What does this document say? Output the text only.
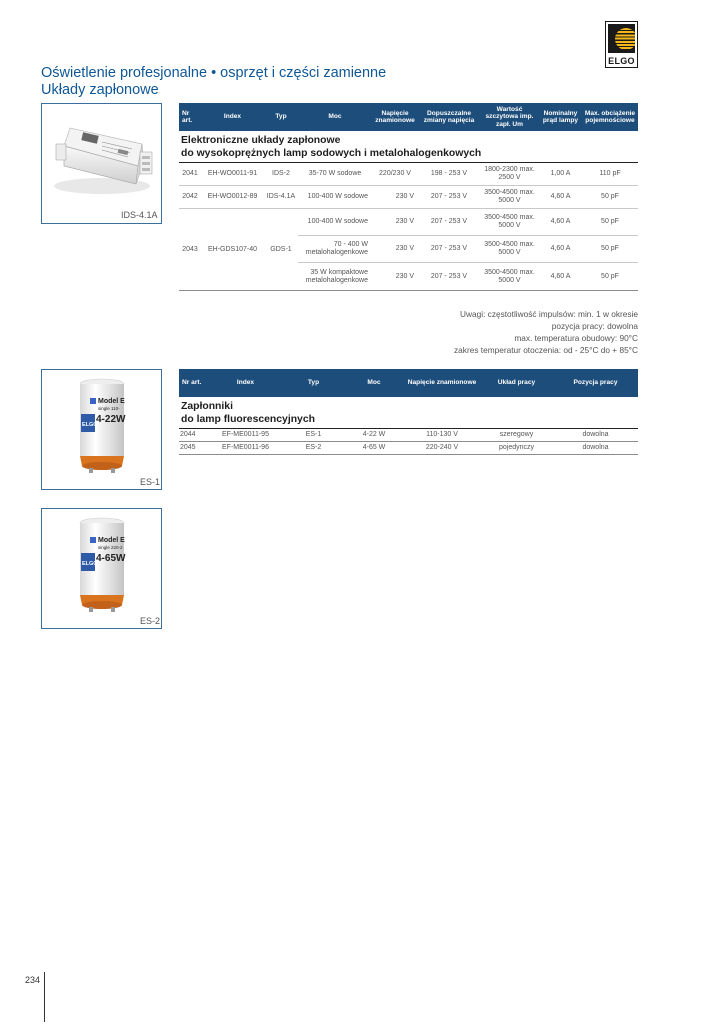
ELGO
Oświetlenie profesjonalne • osprzęt i części zamienne
Układy zapłonowe
IDS-4.1A
Model E
single 110-
4-22W
ELGO
ES-1
Model E
single 220-2
4-65W
ELGO
ES-2
Nr art.	Index	Typ	Moc	Napięcie znamionowe	Dopuszczalne zmiany napięcia	Wartość szczytowa imp. zapł. Um	Nominalny prąd lampy	Max. obciążenie pojemnościowe

Elektroniczne układy zapłonowe
do wysokoprężnych lamp sodowych i metalohalogenkowych								

2041	EH-WO0011-91	IDS-2	35-70 W sodowe	220/230 V	198 - 253 V	1800-2300 max. 2500 V	1,00 A	110 pF
2042	EH-WO0012-89	IDS-4.1A	100-400 W sodowe	230 V	207 - 253 V	3500-4500 max. 5000 V	4,60 A	50 pF
2043	EH-GDS107-40	GDS-1	100-400 W sodowe	230 V	207 - 253 V	3500-4500 max. 5000 V	4,60 A	50 pF
			70 - 400 W metalohalogenkowe	230 V	207 - 253 V	3500-4500 max. 5000 V	4,60 A	50 pF
			35 W kompaktowe metalohalogenkowe	230 V	207 - 253 V	3500-4500 max. 5000 V	4,60 A	50 pF
Uwagi: częstotliwość impulsów: min. 1 w okresie
pozycja pracy: dowolna
max. temperatura obudowy: 90°C
zakres temperatur otoczenia: od - 25°C do + 85°C
Nr art.	Index	Typ	Moc	Napięcie znamionowe	Układ pracy	Pozycja pracy

Zapłonniki
do lamp fluorescencyjnych						

2044	EF-ME0011-95	ES-1	4-22 W	110-130 V	szeregowy	dowolna
2045	EF-ME0011-96	ES-2	4-65 W	220-240 V	pojedynczy	dowolna
234
